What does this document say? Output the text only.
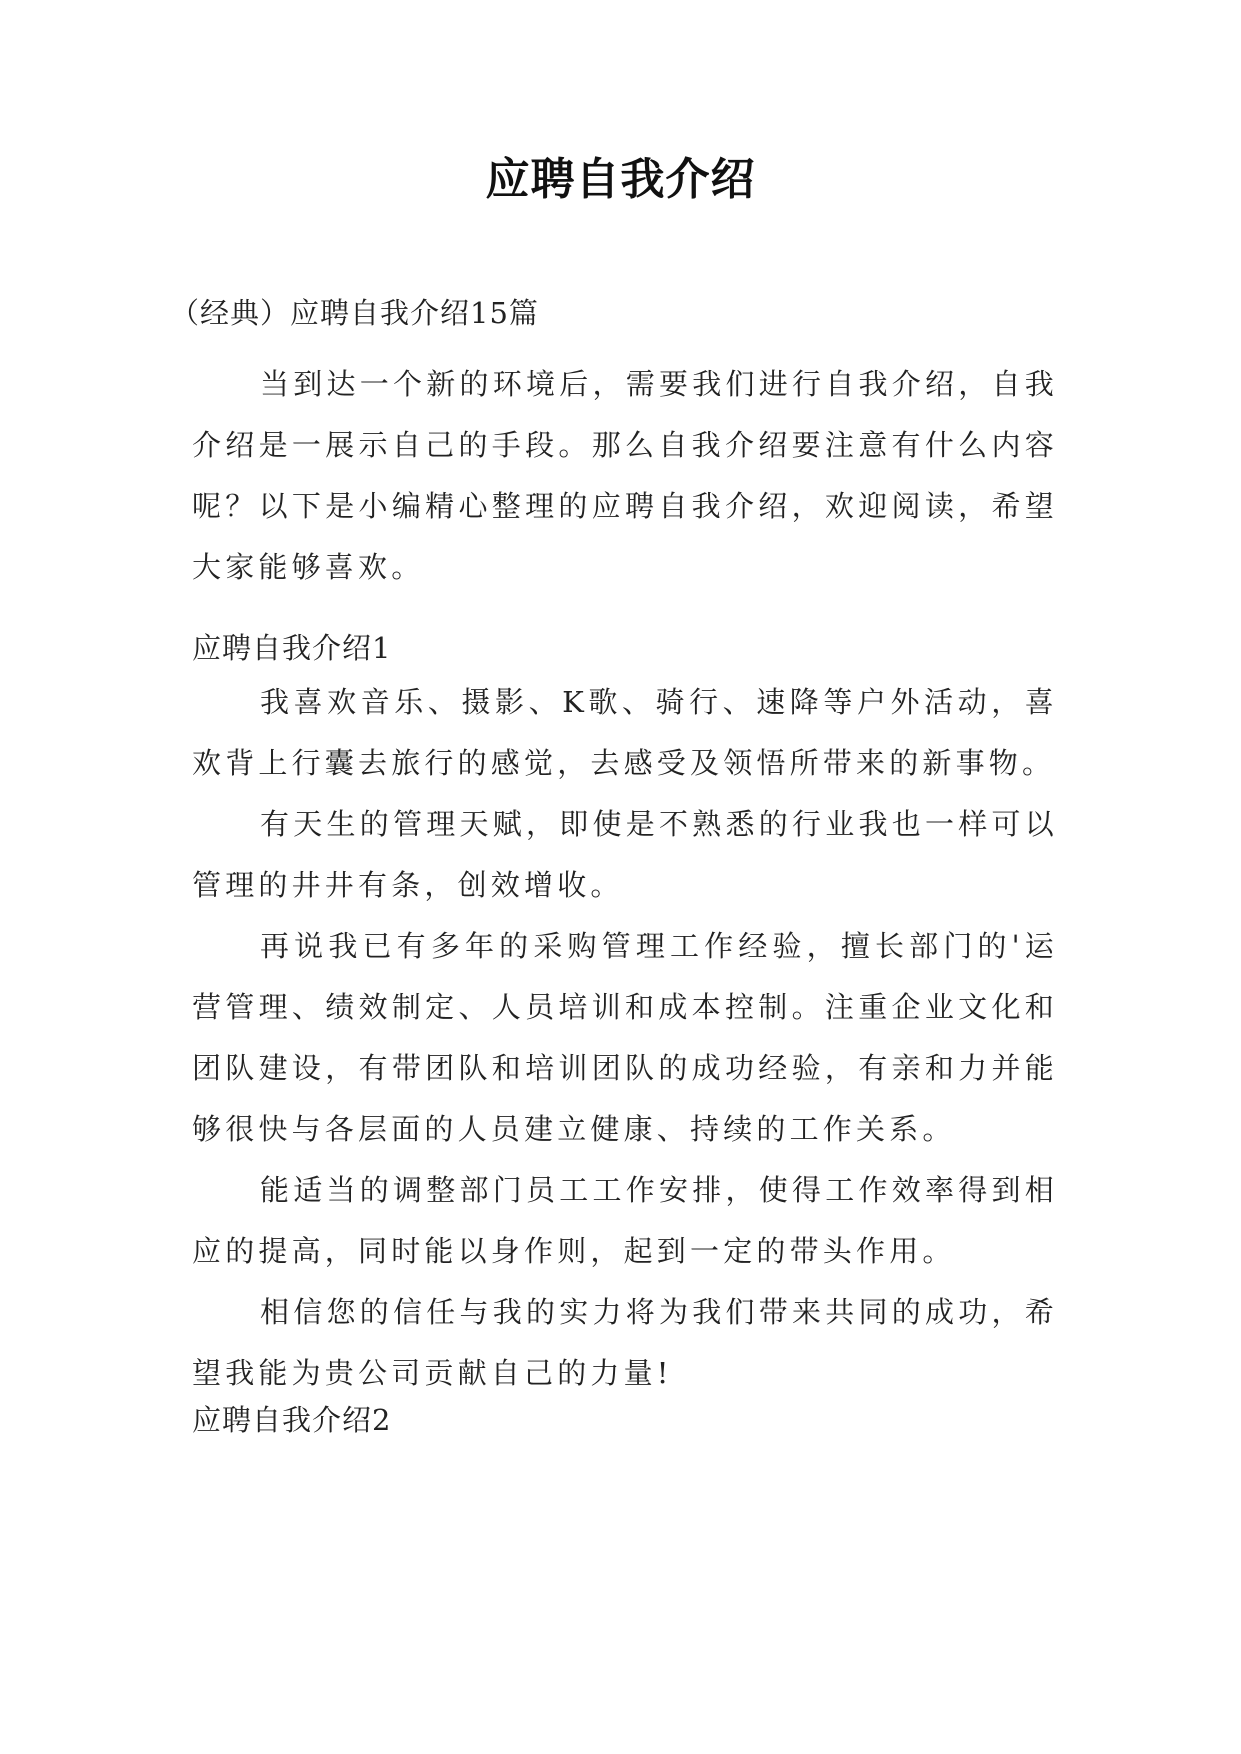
应聘自我介绍
（经典）应聘自我介绍15篇

当到达一个新的环境后，需要我们进行自我介绍，自我介绍是一展示自己的手段。那么自我介绍要注意有什么内容呢？以下是小编精心整理的应聘自我介绍，欢迎阅读，希望大家能够喜欢。

应聘自我介绍1

我喜欢音乐、摄影、K歌、骑行、速降等户外活动，喜欢背上行囊去旅行的感觉，去感受及领悟所带来的新事物。

有天生的管理天赋，即使是不熟悉的行业我也一样可以管理的井井有条，创效增收。

再说我已有多年的采购管理工作经验，擅长部门的'运营管理、绩效制定、人员培训和成本控制。注重企业文化和团队建设，有带团队和培训团队的成功经验，有亲和力并能够很快与各层面的人员建立健康、持续的工作关系。

能适当的调整部门员工工作安排，使得工作效率得到相应的提高，同时能以身作则，起到一定的带头作用。

相信您的信任与我的实力将为我们带来共同的成功，希望我能为贵公司贡献自己的力量!

应聘自我介绍2
